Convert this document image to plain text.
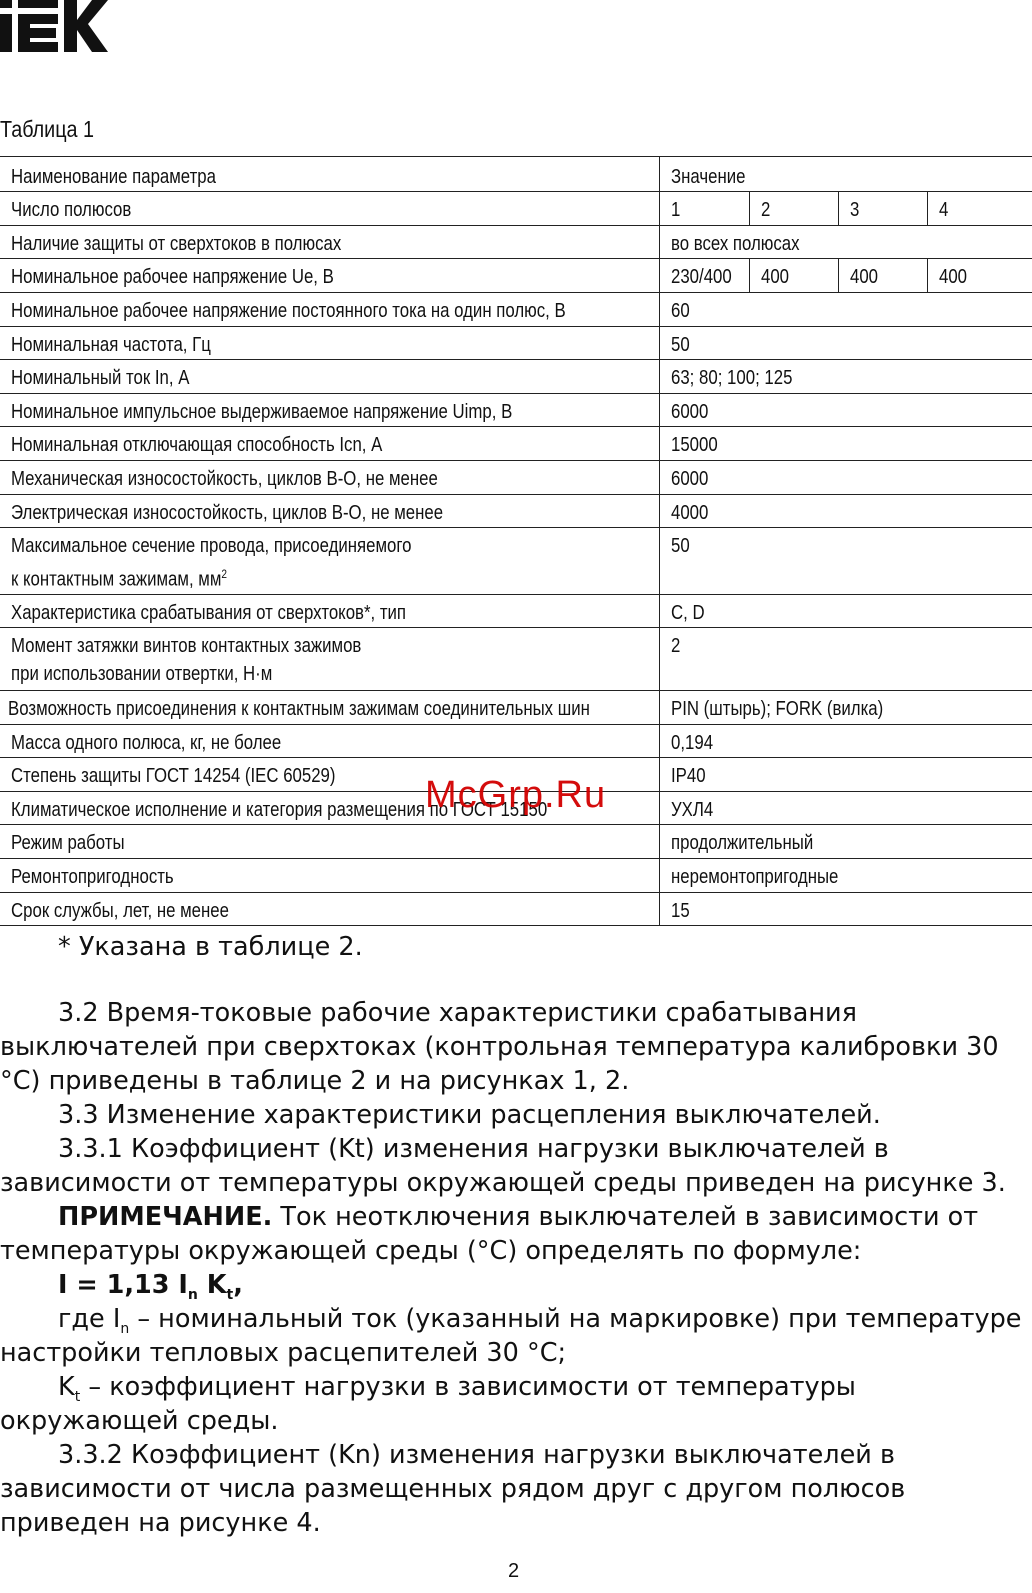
Таблица 1
Наименование параметра	Значение			
Число полюсов	1	2	3	4
Наличие защиты от сверхтоков в полюсах	во всех полюсах			
Номинальное рабочее напряжение Ue, В	230/400	400	400	400
Номинальное рабочее напряжение постоянного тока на один полюс, В	60			
Номинальная частота, Гц	50			
Номинальный ток In, А	63; 80; 100; 125			
Номинальное импульсное выдерживаемое напряжение Uimp, В	6000			
Номинальная отключающая способность Icn, А	15000			
Механическая износостойкость, циклов В-О, не менее	6000			
Электрическая износостойкость, циклов В-О, не менее	4000			
Максимальное сечение провода, присоединяемого
к контактным зажимам, $мм^2$	50			
Характеристика срабатывания от сверхтоков*, тип	C, D			
Момент затяжки винтов контактных зажимов
при использовании отвертки, Н·м	2			
Возможность присоединения к контактным зажимам соединительных шин	PIN (штырь); FORK (вилка)			
Масса одного полюса, кг, не более	0,194			
Степень защиты ГОСТ 14254 (IEC 60529)	IP40			
Климатическое исполнение и категория размещения по ГОСТ 15150	УХЛ4			
Режим работы	продолжительный			
Ремонтопригодность	неремонтопригодные			
Срок службы, лет, не менее	15			
McGrp.Ru

* Указана в таблице 2.

3.2 Время-токовые рабочие характеристики срабатывания выключателей при сверхтоках (контрольная температура калибровки 30 °С) приведены в таблице 2 и на рисунках 1, 2.

3.3 Изменение характеристики расцепления выключателей.

3.3.1 Коэффициент (Kt) изменения нагрузки выключателей в зависимости от температуры окружающей среды приведен на рисунке 3.

ПРИМЕЧАНИЕ. Ток неотключения выключателей в зависимости от температуры окружающей среды (°С) определять по формуле:

I = 1,13 $I_n$ $K_t$,

где $I_n$ – номинальный ток (указанный на маркировке) при температуре настройки тепловых расцепителей 30 °С;

$K_t$ – коэффициент нагрузки в зависимости от температуры окружающей среды.

3.3.2 Коэффициент (Kn) изменения нагрузки выключателей в зависимости от числа размещенных рядом друг с другом полюсов приведен на рисунке 4.

2
